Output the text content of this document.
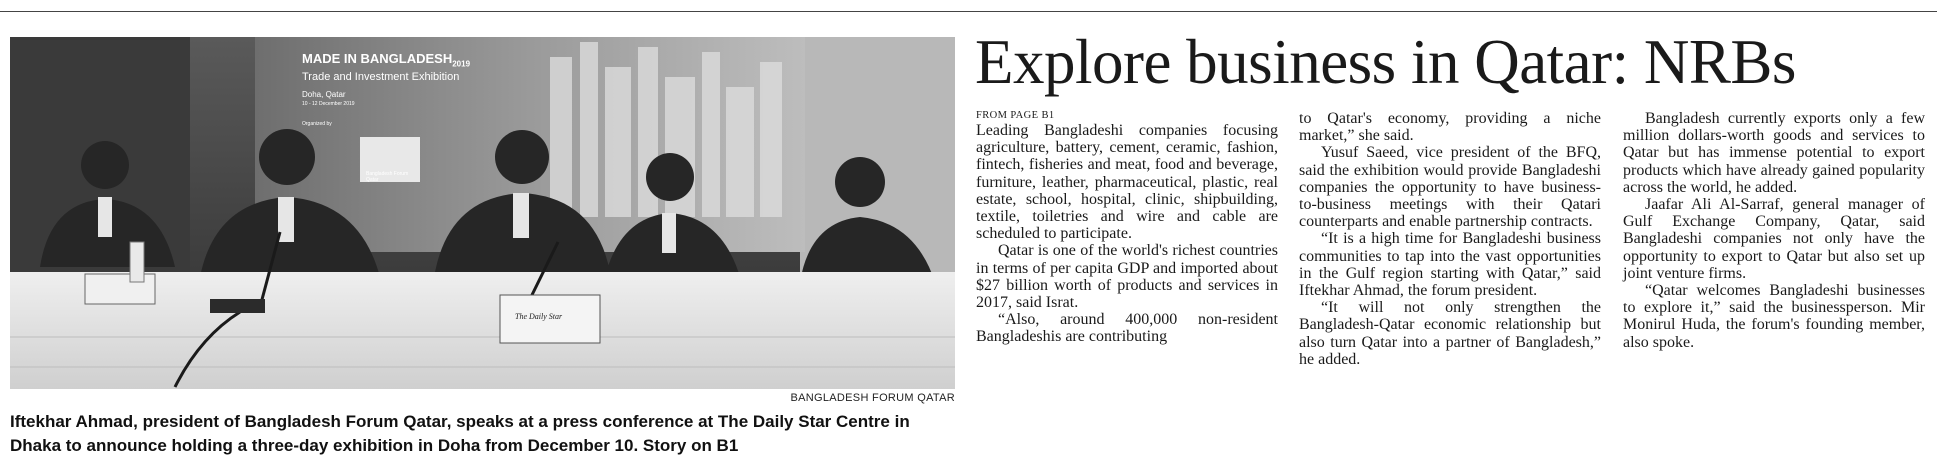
MADE IN $BANGLADESH_{2019}$
Trade and Investment Exhibition
Doha, Qatar
10 - 12 December 2019
Organized by
Bangladesh Forum Qatar
The Daily Star
BANGLADESH FORUM QATAR
Iftekhar Ahmad, president of Bangladesh Forum Qatar, speaks at a press conference at The Daily Star Centre in Dhaka to announce holding a three-day exhibition in Doha from December 10. Story on B1
Explore business in Qatar: NRBs
FROM PAGE B1

Leading Bangladeshi companies focusing agriculture, battery, cement, ceramic, fashion, fintech, fisheries and meat, food and beverage, furniture, leather, pharmaceutical, plastic, real estate, school, hospital, clinic, shipbuilding, textile, toiletries and wire and cable are scheduled to participate.

Qatar is one of the world's richest countries in terms of per capita GDP and imported about $27 billion worth of products and services in 2017, said Israt.

“Also, around 400,000 non-resident Bangladeshis are contributing

to Qatar's economy, providing a niche market,” she said.

Yusuf Saeed, vice president of the BFQ, said the exhibition would provide Bangladeshi companies the opportunity to have business-to-business meetings with their Qatari counterparts and enable partnership contracts.

“It is a high time for Bangladeshi business communities to tap into the vast opportunities in the Gulf region starting with Qatar,” said Iftekhar Ahmad, the forum president.

“It will not only strengthen the Bangladesh-Qatar economic relationship but also turn Qatar into a partner of Bangladesh,” he added.

Bangladesh currently exports only a few million dollars-worth goods and services to Qatar but has immense potential to export products which have already gained popularity across the world, he added.

Jaafar Ali Al-Sarraf, general manager of Gulf Exchange Company, Qatar, said Bangladeshi companies not only have the opportunity to export to Qatar but also set up joint venture firms.

“Qatar welcomes Bangladeshi businesses to explore it,” said the businessperson. Mir Monirul Huda, the forum's founding member, also spoke.
